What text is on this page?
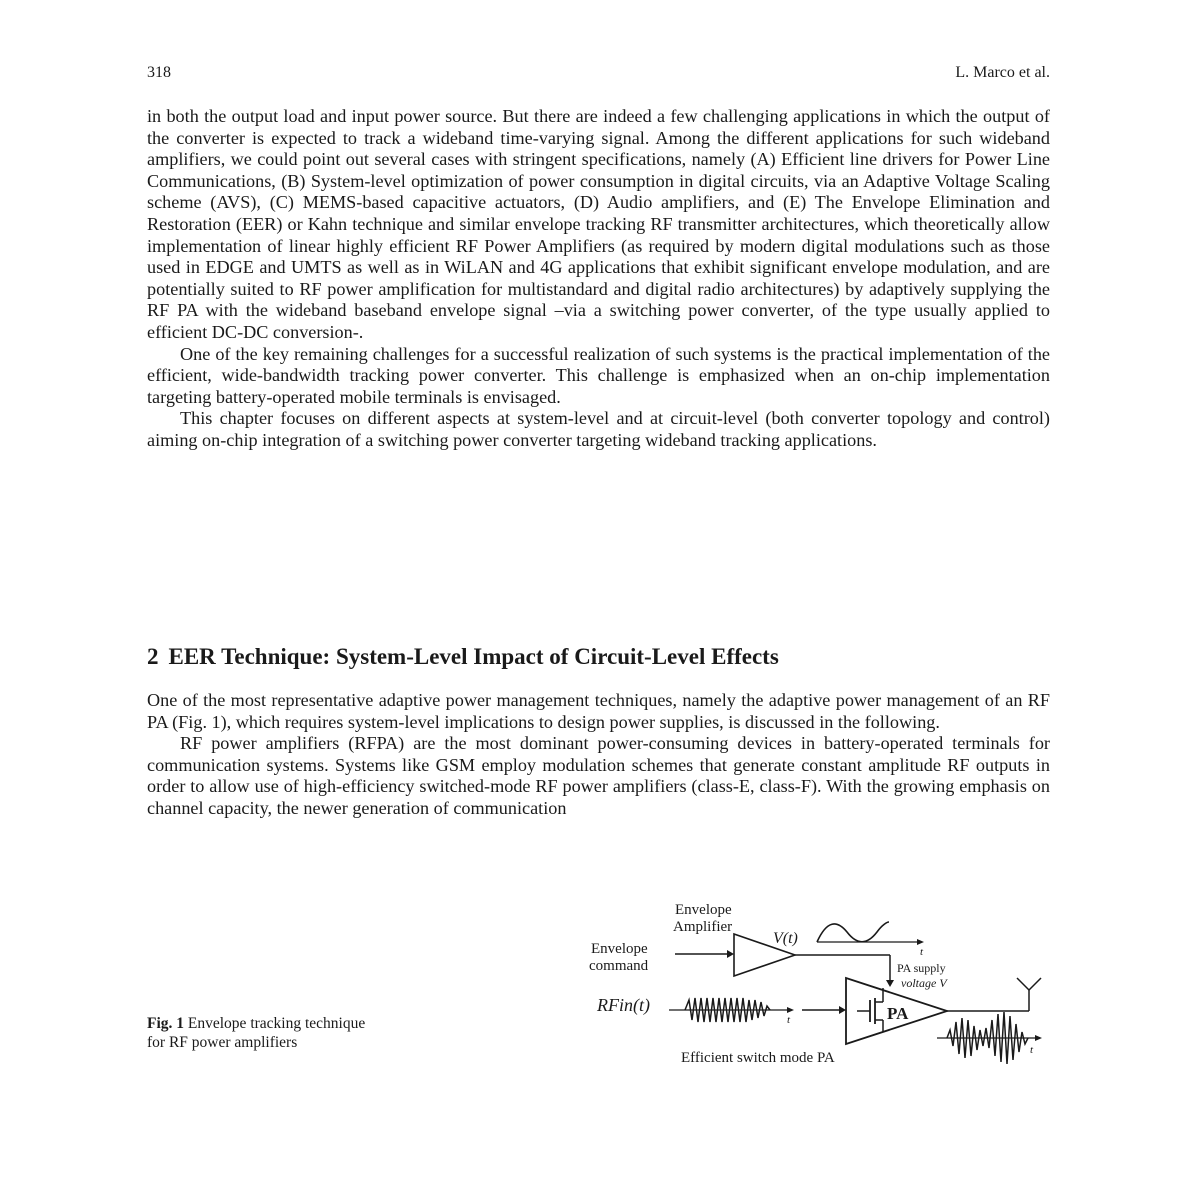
318	L. Marco et al.

in both the output load and input power source. But there are indeed a few challenging applications in which the output of the converter is expected to track a wideband time-varying signal. Among the different applications for such wideband amplifiers, we could point out several cases with stringent specifications, namely (A) Efficient line drivers for Power Line Communications, (B) System-level optimization of power consumption in digital circuits, via an Adaptive Voltage Scaling scheme (AVS), (C) MEMS-based capacitive actuators, (D) Audio amplifiers, and (E) The Envelope Elimination and Restoration (EER) or Kahn technique and similar envelope tracking RF transmitter architectures, which theoretically allow implementation of linear highly efficient RF Power Amplifiers (as required by modern digital modulations such as those used in EDGE and UMTS as well as in WiLAN and 4G applications that exhibit significant envelope modulation, and are potentially suited to RF power amplification for multistandard and digital radio architectures) by adaptively supplying the RF PA with the wideband baseband envelope signal –via a switching power converter, of the type usually applied to efficient DC-DC conversion-.

One of the key remaining challenges for a successful realization of such systems is the practical implementation of the efficient, wide-bandwidth tracking power converter. This challenge is emphasized when an on-chip implementation targeting battery-operated mobile terminals is envisaged.

This chapter focuses on different aspects at system-level and at circuit-level (both converter topology and control) aiming on-chip integration of a switching power converter targeting wideband tracking applications.

2 EER Technique: System-Level Impact of Circuit-Level Effects

One of the most representative adaptive power management techniques, namely the adaptive power management of an RF PA (Fig. 1), which requires system-level implications to design power supplies, is discussed in the following.

RF power amplifiers (RFPA) are the most dominant power-consuming devices in battery-operated terminals for communication systems. Systems like GSM employ modulation schemes that generate constant amplitude RF outputs in order to allow use of high-efficiency switched-mode RF power amplifiers (class-E, class-F). With the growing emphasis on channel capacity, the newer generation of communication

Fig. 1 Envelope tracking technique for RF power amplifiers
Envelope
Amplifier
Envelope
command
V(t)
t
PA supply
voltage V
RFin(t)
t	PA
t
Efficient switch mode PA
